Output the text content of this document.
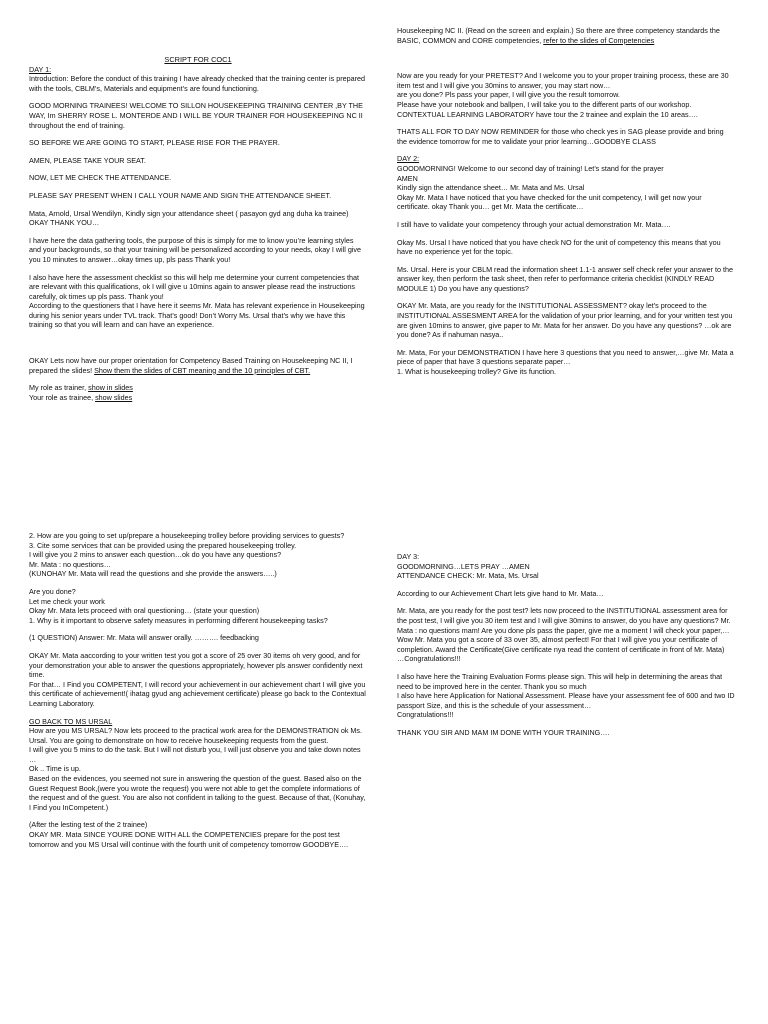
SCRIPT FOR COC1

DAY 1:

Introduction: Before the conduct of this training I have already checked that the training center is prepared with the tools, CBLM’s, Materials and equipment’s are found functioning.

GOOD MORNING TRAINEES! WELCOME TO SILLON HOUSEKEEPING TRAINING CENTER ,BY THE WAY, Im SHERRY ROSE L. MONTERDE AND I WILL BE YOUR TRAINER FOR HOUSEKEEPING NC II throughout the end of training.

SO BEFORE WE ARE GOING TO START, PLEASE RISE FOR THE PRAYER.

AMEN, PLEASE TAKE YOUR SEAT.

NOW, LET ME CHECK THE ATTENDANCE.

PLEASE SAY PRESENT WHEN I CALL YOUR NAME AND SIGN THE ATTENDANCE SHEET.

Mata, Arnold, Ursal Wendilyn, Kindly sign your attendance sheet ( pasayon gyd ang duha ka trainee) OKAY THANK YOU…

I have here the data gathering tools, the purpose of this is simply for me to know you’re learning styles and your backgrounds, so that your training will be personalized according to your needs, okay I will give you 10 minutes to answer…okay times up, pls pass Thank you!

I also have here the assessment checklist so this will help me determine your current competencies that are relevant with this qualifications, ok I will give u 10mins again to answer please read the instructions carefully, ok times up pls pass. Thank you!
According to the questioners that I have here it seems Mr. Mata has relevant experience in Housekeeping during his senior years under TVL track. That’s good! Don’t Worry Ms. Ursal that’s why we have this training so that you will learn and can have an experience.

OKAY Lets now have our proper orientation for Competency Based Training on Housekeeping NC II, I prepared the slides! Show them the slides of CBT meaning and the 10 principles of CBT.

My role as trainer, show in slides

Your role as trainee, show slides

Housekeeping NC II. (Read on the screen and explain.) So there are three competency standards the BASIC, COMMON and CORE competencies, refer to the slides of Competencies

Now are you ready for your PRETEST? And I welcome you to your proper training process, these are 30 item test and I will give you 30mins to answer, you may start now…
are you done? Pls pass your paper, I will give you the result tomorrow.
Please have your notebook and ballpen, I will take you to the different parts of our workshop. CONTEXTUAL LEARNING LABORATORY have tour the 2 trainee and explain the 10 areas….

THATS ALL FOR TO DAY NOW REMINDER for those who check yes in SAG please provide and bring the evidence tomorrow for me to validate your prior learning…GOODBYE CLASS

DAY 2:

GOODMORNING! Welcome to our second day of training! Let’s stand for the prayer
AMEN
Kindly sign the attendance sheet… Mr. Mata and Ms. Ursal
Okay Mr. Mata I have noticed that you have checked for the unit competency, I will get now your certificate. okay Thank you… get Mr. Mata the certificate…

I still have to validate your competency through your actual demonstration Mr. Mata….

Okay Ms. Ursal I have noticed that you have check NO for the unit of competency this means that you have no experience yet for the topic.

Ms. Ursal. Here is your CBLM read the information sheet 1.1-1 answer self check refer your answer to the answer key, then perform the task sheet, then refer to performance criteria checklist (KINDLY READ MODULE 1) Do you have any questions?

OKAY Mr. Mata, are you ready for the INSTITUTIONAL ASSESSMENT? okay let’s proceed to the INSTITUTIONAL ASSESMENT AREA for the validation of your prior learning, and for your written test you are given 10mins to answer, give paper to Mr. Mata for her answer. Do you have any questions? …ok are you done? As if nahuman nasya..

Mr. Mata, For your DEMONSTRATION I have here 3 questions that you need to answer,…give Mr. Mata a piece of paper that have 3 questions separate paper…
1. What is housekeeping trolley? Give its function.

2. How are you going to set up/prepare a housekeeping trolley before providing services to guests?
3. Cite some services that can be provided using the prepared housekeeping trolley.
I will give you 2 mins to answer each question…ok do you have any questions?
Mr. Mata : no questions…
(KUNOHAY Mr. Mata will read the questions and she provide the answers…..)

Are you done?
Let me check your work
Okay Mr. Mata lets proceed with oral questioning… (state your question)
1. Why is it important to observe safety measures in performing different housekeeping tasks?

(1 QUESTION) Answer: Mr. Mata will answer orally. ………. feedbacking

OKAY Mr. Mata aaccording to your written test you got a score of 25 over 30 items oh very good, and for your demonstration your able to answer the questions appropriately, however pls answer confidently next time.
For that… I Find you COMPETENT, I will record your achievement in our achievement chart I will give you this certificate of achievement!( ihatag gyud ang achievement certificate) please go back to the Contextual Learning Laboratory.

GO BACK TO MS URSAL

How are you MS URSAL? Now lets proceed to the practical work area for the DEMONSTRATION ok Ms. Ursal. You are going to demonstrate on how to receive housekeeping requests from the guest.
I will give you 5 mins to do the task. But I will not disturb you, I will just observe you and take down notes …
Ok .. Time is up.
Based on the evidences, you seemed not sure in answering the question of the guest. Based also on the Guest Request Book,(were you wrote the request) you were not able to get the complete informations of the request and of the guest. You are also not confident in talking to the guest. Because of that, (Konuhay, I Find you InCompetent.)

(After the lesting test of the 2 trainee)
OKAY MR. Mata SINCE YOURE DONE WITH ALL the COMPETENCIES prepare for the post test tomorrow and you MS Ursal will continue with the fourth unit of competency tomorrow GOODBYE….

DAY 3:
GOODMORNING…LETS PRAY …AMEN
ATTENDANCE CHECK: Mr. Mata, Ms. Ursal

According to our Achievement Chart lets give hand to Mr. Mata…

Mr. Mata, are you ready for the post test? lets now proceed to the INSTITUTIONAL assessment area for the post test, I will give you 30 item test and I will give 30mins to answer, do you have any questions? Mr. Mata : no questions mam! Are you done pls pass the paper, give me a moment I will check your paper,… Wow Mr. Mata you got a score of 33 over 35, almost perfect! For that I will give you your certificate of completion. Award the Certificate(Give certificate nya read the content of certificate in front of Mr. Mata)
…Congratulations!!!

I also have here the Training Evaluation Forms please sign. This will help in determining the areas that need to be improved here in the center. Thank you so much
I also have here Application for National Assessment. Please have your assessment fee of 600 and two ID passport Size, and this is the schedule of your assessment…
Congratulations!!!

THANK YOU SIR AND MAM IM DONE WITH YOUR TRAINING….
